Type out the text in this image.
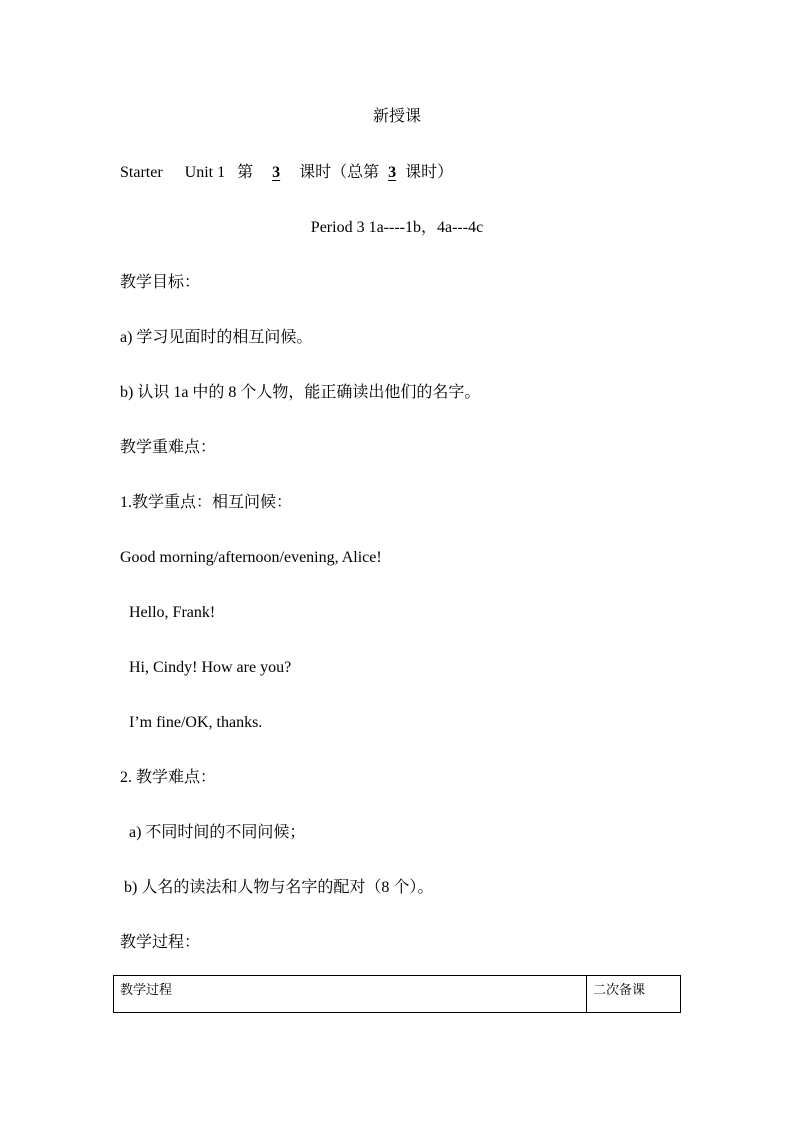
新授课
Starter Unit 1 第 3 课时（总第 3 课时）
Period 3 1a----1b，4a---4c
教学目标：
a) 学习见面时的相互问候。
b) 认识 1a 中的 8 个人物，能正确读出他们的名字。
教学重难点：
1.教学重点：相互问候：
Good morning/afternoon/evening, Alice!
Hello, Frank!
Hi, Cindy! How are you?
I’m fine/OK, thanks.
2. 教学难点：
a) 不同时间的不同问候；
b) 人名的读法和人物与名字的配对（8 个）。
教学过程：
教学过程	二次备课
